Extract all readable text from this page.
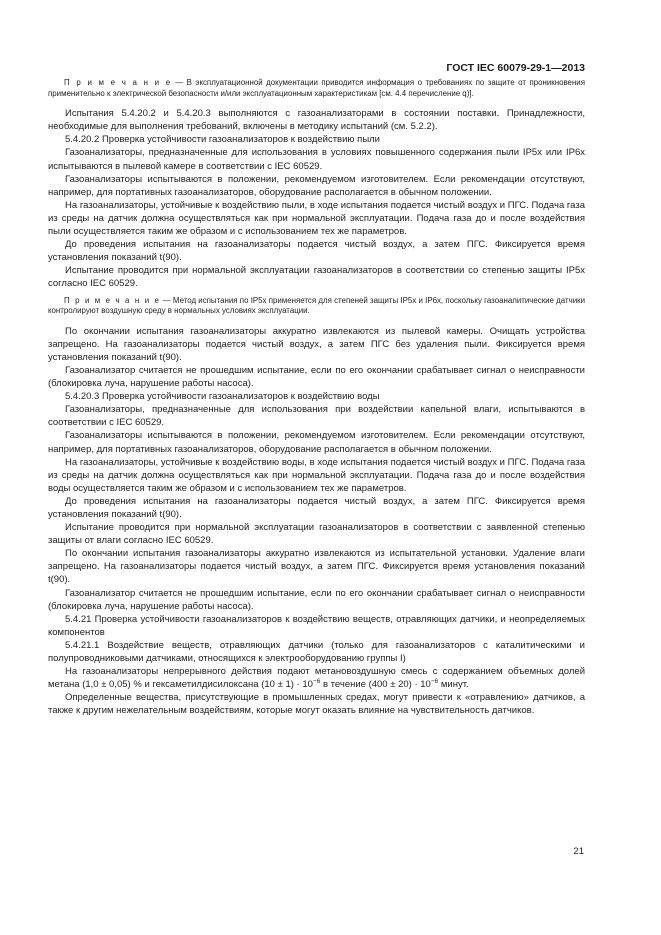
ГОСТ IEC 60079-29-1—2013

П р и м е ч а н и е — В эксплуатационной документации приводится информация о требованиях по защите от проникновения применительно к электрической безопасности и/или эксплуатационным характеристикам [см. 4.4 перечисление q)].

Испытания 5.4.20.2 и 5.4.20.3 выполняются с газоанализаторами в состоянии поставки. Принадлежности, необходимые для выполнения требований, включены в методику испытаний (см. 5.2.2).

5.4.20.2 Проверка устойчивости газоанализаторов к воздействию пыли

Газоанализаторы, предназначенные для использования в условиях повышенного содержания пыли IP5x или IP6x испытываются в пылевой камере в соответствии с IEC 60529.

Газоанализаторы испытываются в положении, рекомендуемом изготовителем. Если рекомендации отсутствуют, например, для портативных газоанализаторов, оборудование располагается в обычном положении.

На газоанализаторы, устойчивые к воздействию пыли, в ходе испытания подается чистый воздух и ПГС. Подача газа из среды на датчик должна осуществляться как при нормальной эксплуатации. Подача газа до и после воздействия пыли осуществляется таким же образом и с использованием тех же параметров.

До проведения испытания на газоанализаторы подается чистый воздух, а затем ПГС. Фиксируется время установления показаний t(90).

Испытание проводится при нормальной эксплуатации газоанализаторов в соответствии со степенью защиты IP5x согласно IEC 60529.

П р и м е ч а н и е — Метод испытания по IP5x применяется для степеней защиты IP5x и IP6x, поскольку газоаналитические датчики контролируют воздушную среду в нормальных условиях эксплуатации.

По окончании испытания газоанализаторы аккуратно извлекаются из пылевой камеры. Очищать устройства запрещено. На газоанализаторы подается чистый воздух, а затем ПГС без удаления пыли. Фиксируется время установления показаний t(90).

Газоанализатор считается не прошедшим испытание, если по его окончании срабатывает сигнал о неисправности (блокировка луча, нарушение работы насоса).

5.4.20.3 Проверка устойчивости газоанализаторов к воздействию воды

Газоанализаторы, предназначенные для использования при воздействии капельной влаги, испытываются в соответствии с IEC 60529.

Газоанализаторы испытываются в положении, рекомендуемом изготовителем. Если рекомендации отсутствуют, например, для портативных газоанализаторов, оборудование располагается в обычном положении.

На газоанализаторы, устойчивые к воздействию воды, в ходе испытания подается чистый воздух и ПГС. Подача газа из среды на датчик должна осуществляться как при нормальной эксплуатации. Подача газа до и после воздействия воды осуществляется таким же образом и с использованием тех же параметров.

До проведения испытания на газоанализаторы подается чистый воздух, а затем ПГС. Фиксируется время установления показаний t(90).

Испытание проводится при нормальной эксплуатации газоанализаторов в соответствии с заявленной степенью защиты от влаги согласно IEC 60529.

По окончании испытания газоанализаторы аккуратно извлекаются из испытательной установки. Удаление влаги запрещено. На газоанализаторы подается чистый воздух, а затем ПГС. Фиксируется время установления показаний t(90).

Газоанализатор считается не прошедшим испытание, если по его окончании срабатывает сигнал о неисправности (блокировка луча, нарушение работы насоса).

5.4.21 Проверка устойчивости газоанализаторов к воздействию веществ, отравляющих датчики, и неопределяемых компонентов

5.4.21.1 Воздействие веществ, отравляющих датчики (только для газоанализаторов с каталитическими и полупроводниковыми датчиками, относящихся к электрооборудованию группы I)

На газоанализаторы непрерывного действия подают метановоздушную смесь с содержанием объемных долей метана (1,0 ± 0,05) % и гексаметилдисилоксана $(10 \pm 1) \cdot 10^{-6}$ в течение $(400 \pm 20) \cdot 10^{-6}$ минут.

Определенные вещества, присутствующие в промышленных средах, могут привести к «отравлению» датчиков, а также к другим нежелательным воздействиям, которые могут оказать влияние на чувствительность датчиков.

21
